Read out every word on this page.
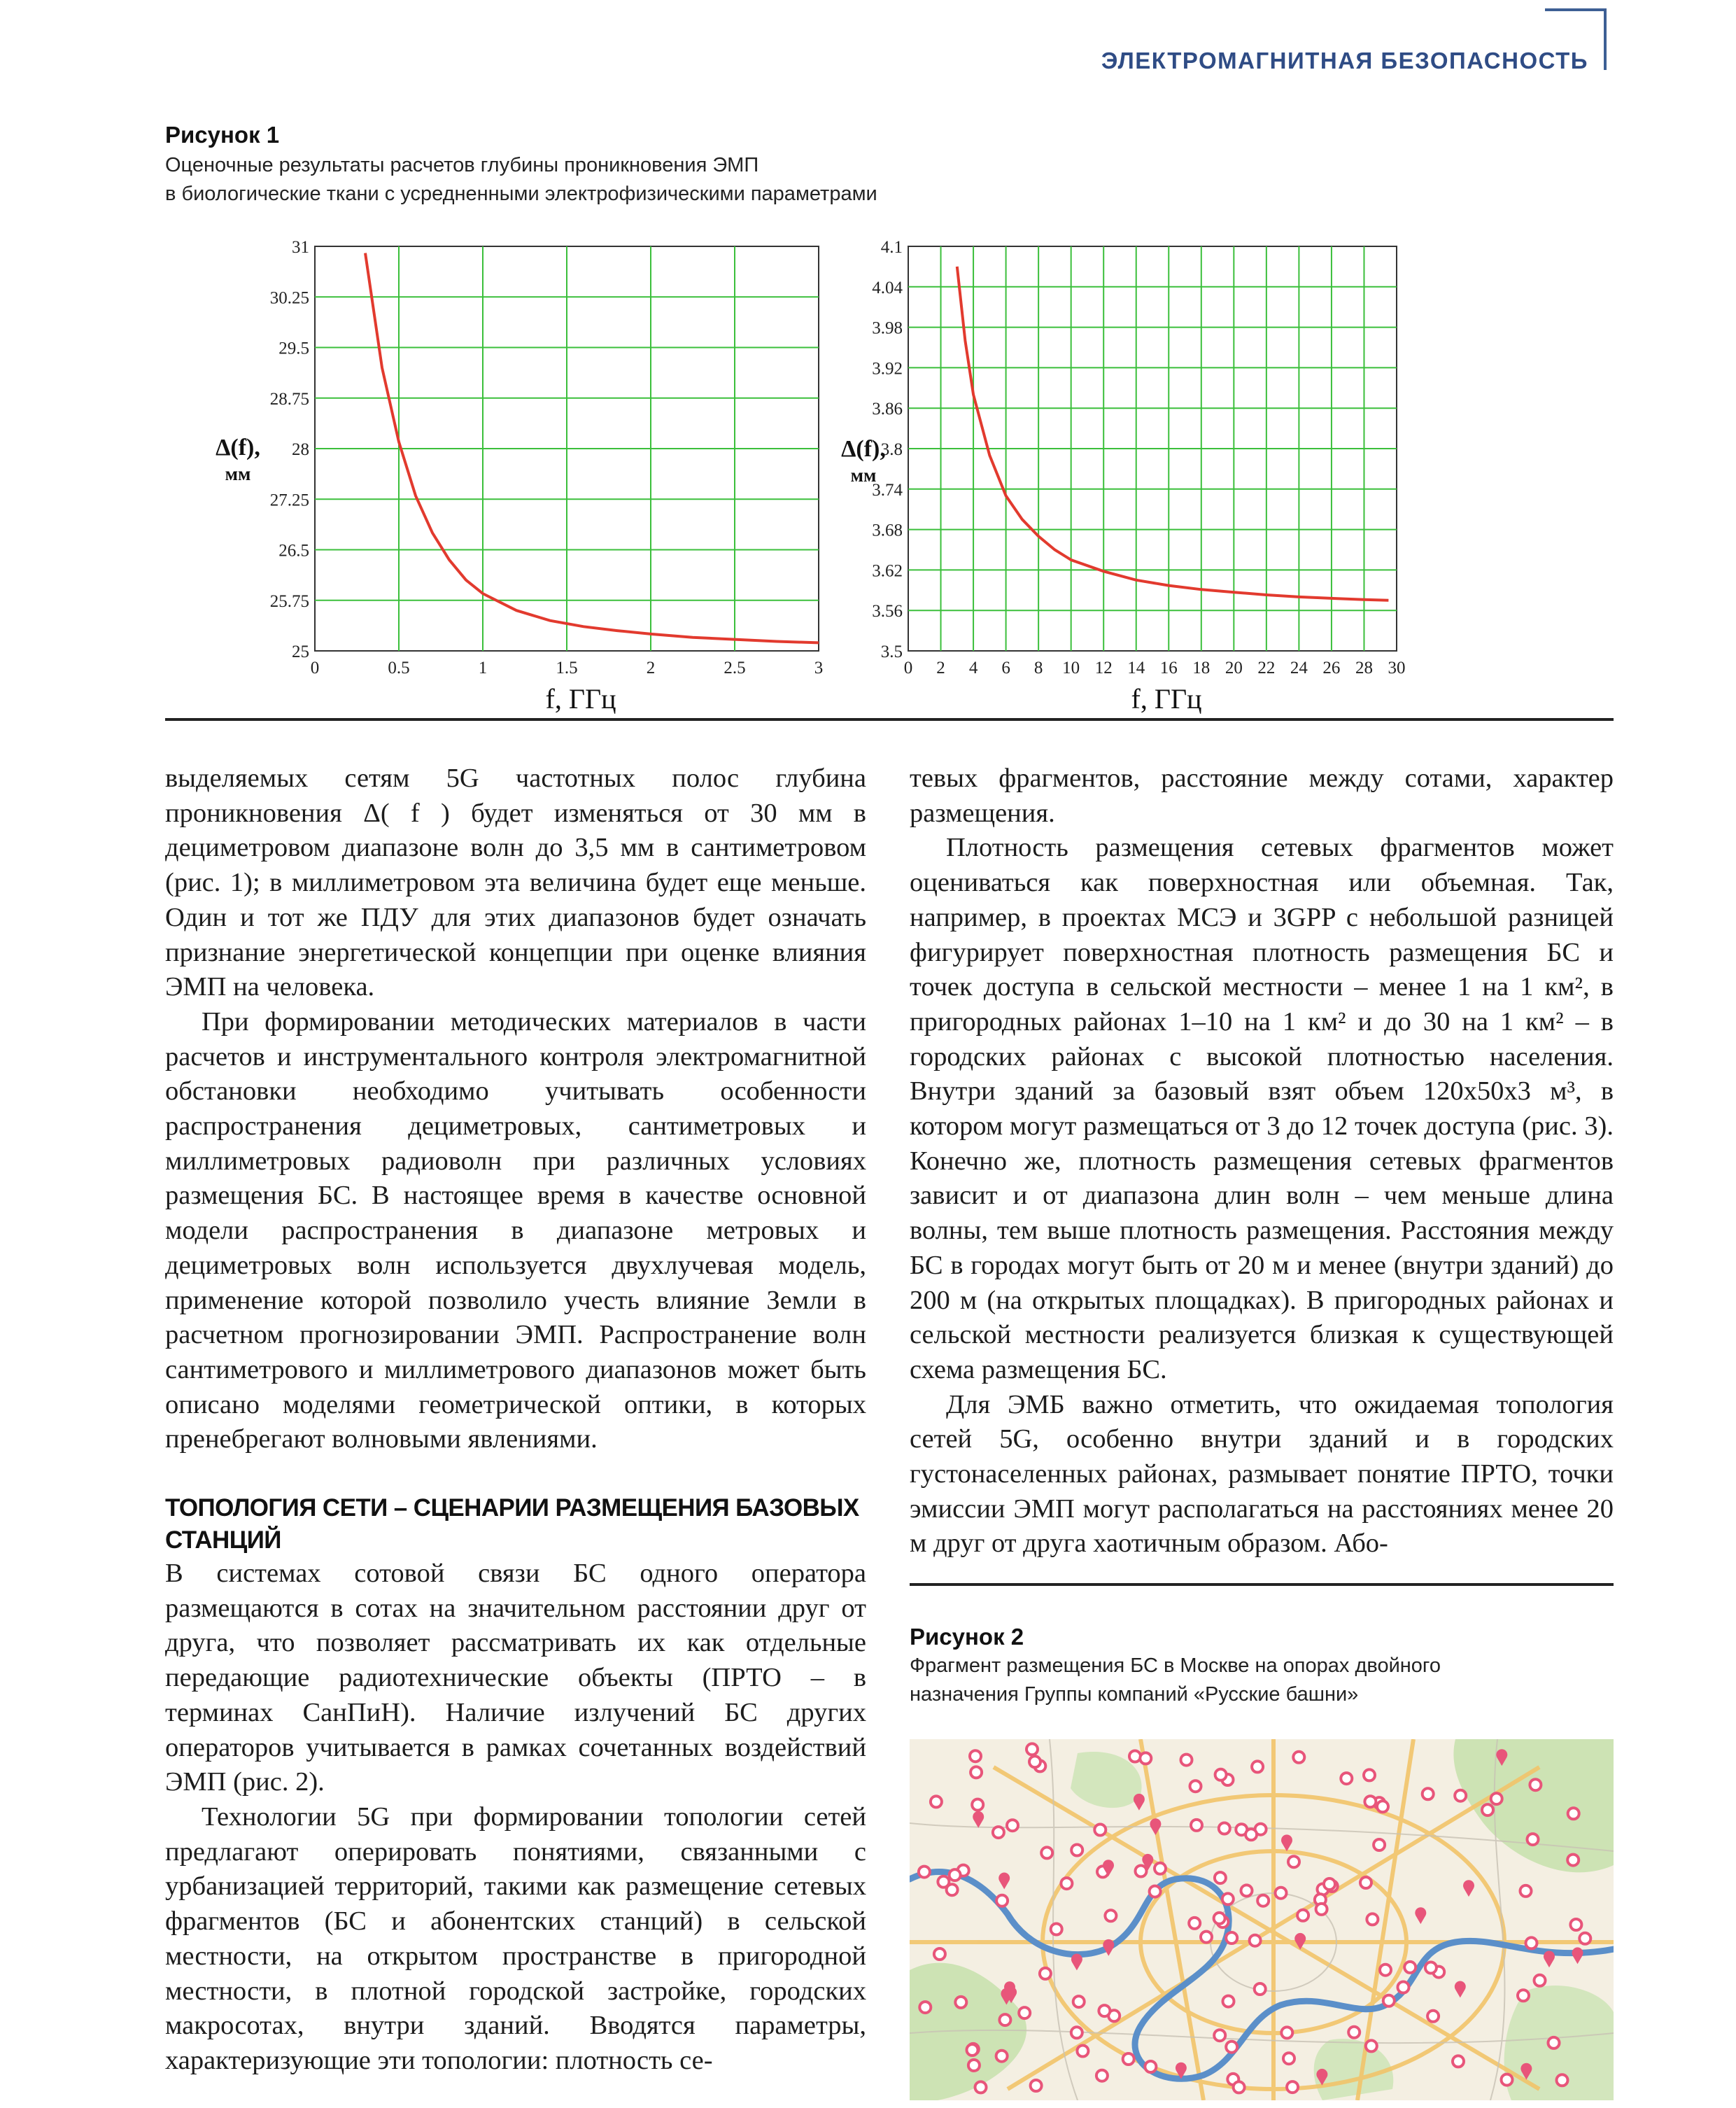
ЭЛЕКТРОМАГНИТНАЯ БЕЗОПАСНОСТЬ
Рисунок 1
Оценочные результаты расчетов глубины проникновения ЭМП
в биологические ткани с усредненными электрофизическими параметрами
0	0.5	1	1.5	2	2.5	3
25
25.75
26.5
27.25
28
28.75
29.5
30.25
31
Δ(f),
мм
f, ГГц
0 2 4 6 8 10 12 14 16 18 20 22 24 26 28 30
3.5
3.56
3.62
3.68
3.74
3.8
3.86
3.92
3.98
4.04
4.1
Δ(f),
мм
f, ГГц

выделяемых сетям 5G частотных полос глубина проникновения Δ( f ) будет изменяться от 30 мм в дециметровом диапазоне волн до 3,5 мм в сантиметровом (рис. 1); в миллиметровом эта величина будет еще меньше. Один и тот же ПДУ для этих диапазонов будет означать признание энергетической концепции при оценке влияния ЭМП на человека.

При формировании методических материалов в части расчетов и инструментального контроля электромагнитной обстановки необходимо учитывать особенности распространения дециметровых, сантиметровых и миллиметровых радиоволн при различных условиях размещения БС. В настоящее время в качестве основной модели распространения в диапазоне метровых и дециметровых волн используется двухлучевая модель, применение которой позволило учесть влияние Земли в расчетном прогнозировании ЭМП. Распространение волн сантиметрового и миллиметрового диапазонов может быть описано моделями геометрической оптики, в которых пренебрегают волновыми явлениями.

ТОПОЛОГИЯ СЕТИ – СЦЕНАРИИ РАЗМЕЩЕНИЯ БАЗОВЫХ СТАНЦИЙ

В системах сотовой связи БС одного оператора размещаются в сотах на значительном расстоянии друг от друга, что позволяет рассматривать их как отдельные передающие радиотехнические объекты (ПРТО – в терминах СанПиН). Наличие излучений БС других операторов учитывается в рамках сочетанных воздействий ЭМП (рис. 2).

Технологии 5G при формировании топологии сетей предлагают оперировать понятиями, связанными с урбанизацией территорий, такими как размещение сетевых фрагментов (БС и абонентских станций) в сельской местности, на открытом пространстве в пригородной местности, в плотной городской застройке, городских макросотах, внутри зданий. Вводятся параметры, характеризующие эти топологии: плотность се-

тевых фрагментов, расстояние между сотами, характер размещения.

Плотность размещения сетевых фрагментов может оцениваться как поверхностная или объемная. Так, например, в проектах МСЭ и 3GPP с небольшой разницей фигурирует поверхностная плотность размещения БС и точек доступа в сельской местности – менее 1 на 1 км², в пригородных районах 1–10 на 1 км² и до 30 на 1 км² – в городских районах с высокой плотностью населения. Внутри зданий за базовый взят объем 120x50x3 м³, в котором могут размещаться от 3 до 12 точек доступа (рис. 3). Конечно же, плотность размещения сетевых фрагментов зависит и от диапазона длин волн – чем меньше длина волны, тем выше плотность размещения. Расстояния между БС в городах могут быть от 20 м и менее (внутри зданий) до 200 м (на открытых площадках). В пригородных районах и сельской местности реализуется близкая к существующей схема размещения БС.

Для ЭМБ важно отметить, что ожидаемая топология сетей 5G, особенно внутри зданий и в городских густонаселенных районах, размывает понятие ПРТО, точки эмиссии ЭМП могут располагаться на расстояниях менее 20 м друг от друга хаотичным образом. Або-

Рисунок 2
Фрагмент размещения БС в Москве на опорах двойного
назначения Группы компаний «Русские башни»
